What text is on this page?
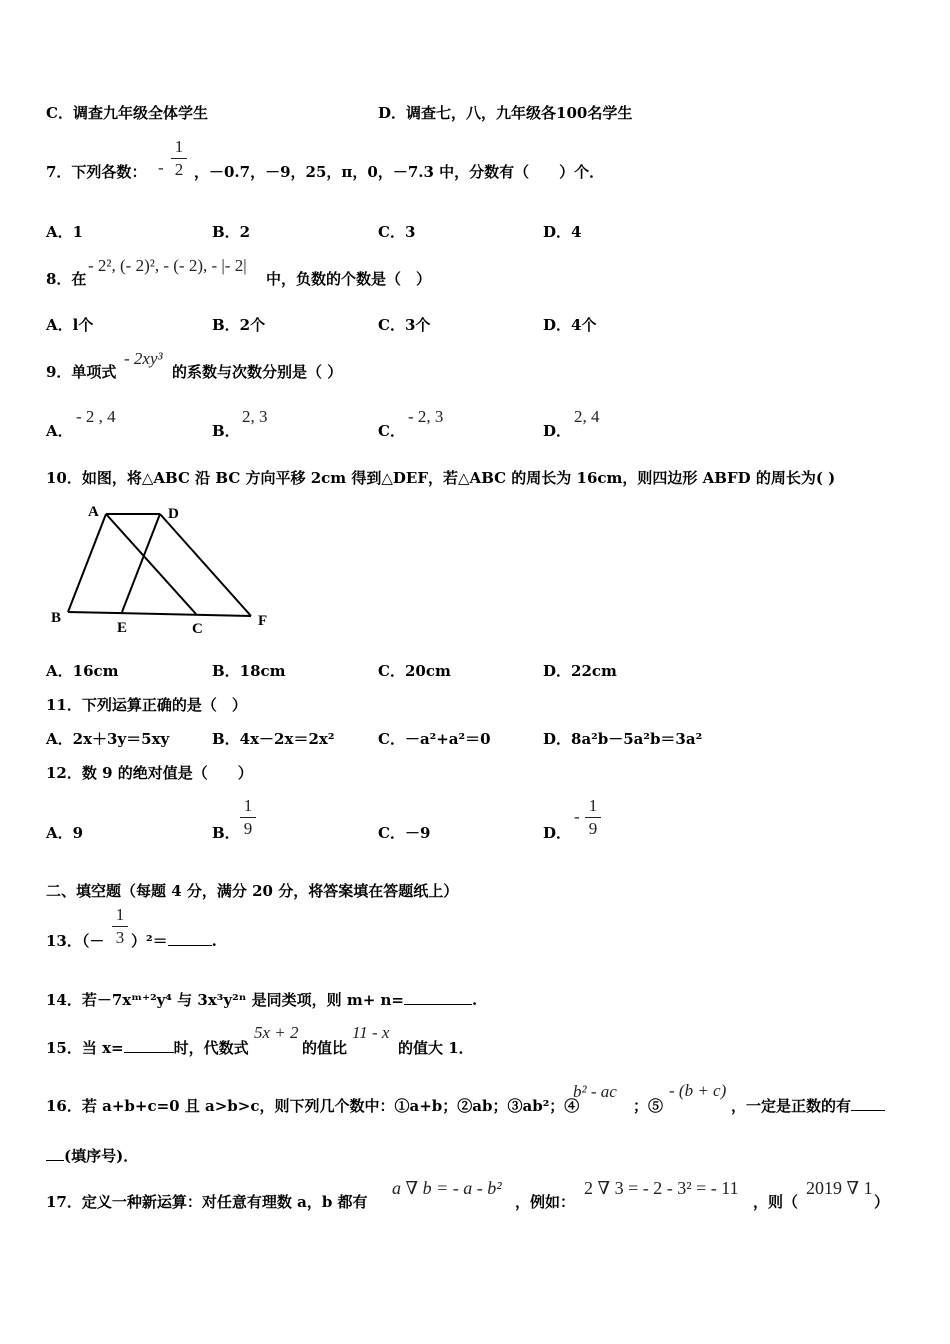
C．调查九年级全体学生	D．调查七，八，九年级各100名学生
7．下列各数： -
1
2 ，－0.7，－9，25，π，0，－7.3 中，分数有（　　）个．
A．1	B．2	C．3	D．4
8．在
- 2², (- 2)², - (- 2), - |- 2|
中，负数的个数是（　）
A．l个	B．2个	C．3个	D．4个
9．单项式
- 2xy³
的系数与次数分别是（ ）
A．
- 2 , 4
B．
2, 3
C．
- 2, 3
D．
2, 4
10．如图，将△ABC 沿 BC 方向平移 2cm 得到△DEF，若△ABC 的周长为 16cm，则四边形 ABFD 的周长为( )
A	D
B
E	C	F
A．16cm	B．18cm	C．20cm	D．22cm
11．下列运算正确的是（　）
A．2x＋3y＝5xy	B．4x－2x＝2x²	C．－a²+a²＝0	D．8a²b－5a²b＝3a²
12．数 9 的绝对值是（　　）
A．9	B．
1
9	C．－9	D．
-
1
9
二、填空题（每题 4 分，满分 20 分，将答案填在答题纸上）
13．（－
1
3 ）²＝	.
14．若－7xᵐ⁺²y⁴ 与 3x³y²ⁿ 是同类项，则 m+ n=	.
15．当 x=	时，代数式
5x + 2
的值比
11 - x
的值大 1．
16．若 a+b+c=0 且 a>b>c，则下列几个数中：①a+b；②ab；③ab²；④
b² - ac
；⑤
- (b + c)
，一定是正数的有
(填序号)．
17．定义一种新运算：对任意有理数 a，b 都有
a ∇ b = - a - b²
，例如：
2 ∇ 3 = - 2 - 3² = - 11
，则（
2019 ∇ 1
）
